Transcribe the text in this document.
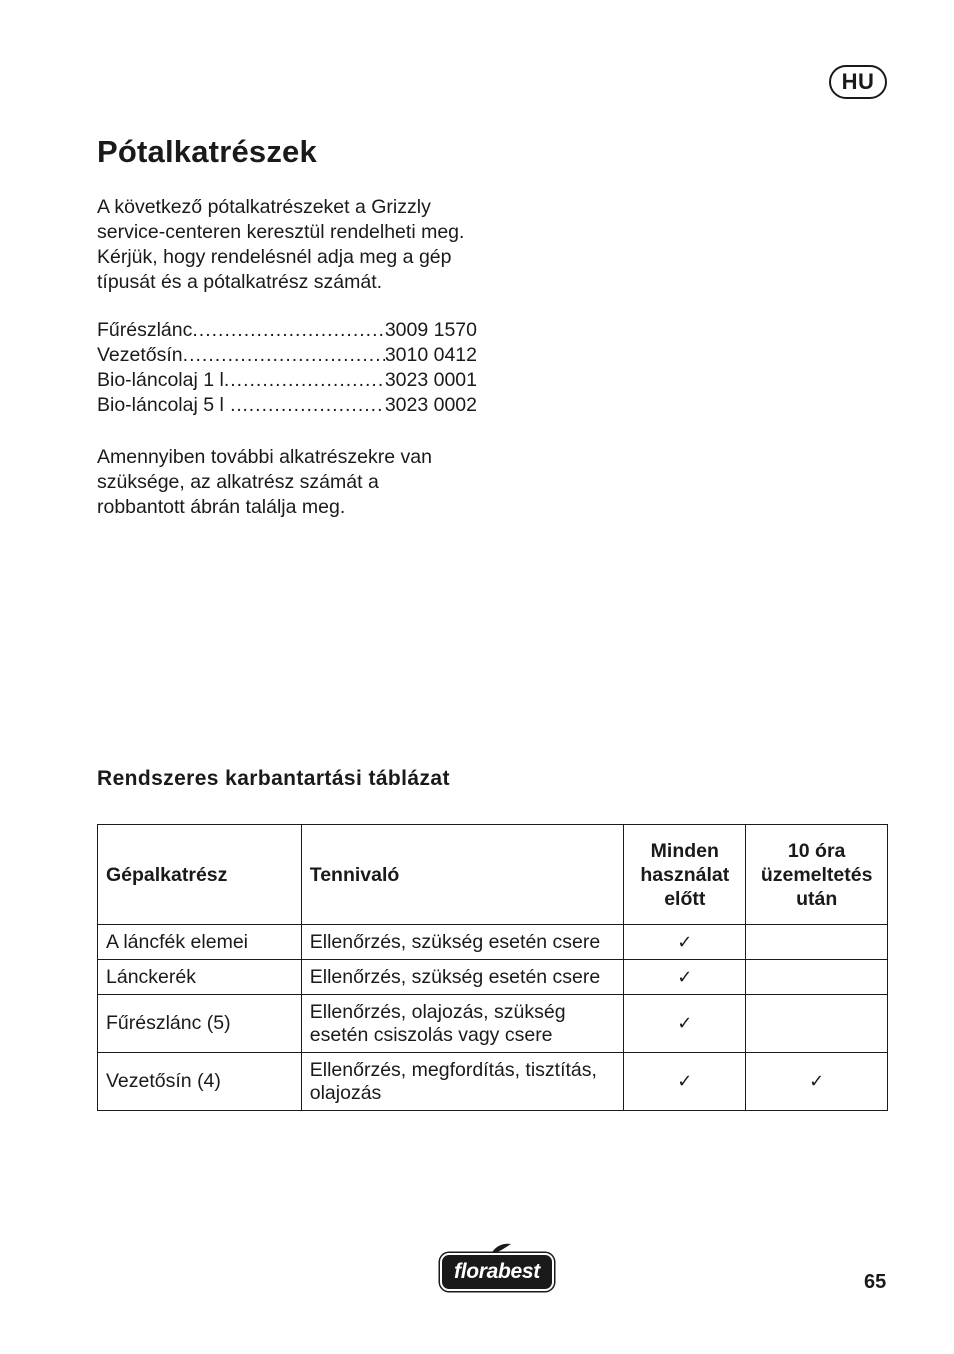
HU
Pótalkatrészek

A következő pótalkatrészeket a Grizzly
service-centeren keresztül rendelheti meg.
Kérjük, hogy rendelésnél adja meg a gép
típusát és a pótalkatrész számát.

Fűrészlánc .....	3009 1570
Vezetősín .....	3010 0412
Bio-láncolaj 1 l .....	3023 0001
Bio-láncolaj 5 l … .....	3023 0002

Amennyiben további alkatrészekre van
szüksége, az alkatrész számát a
robbantott ábrán találja meg.

Rendszeres karbantartási táblázat
Gépalkatrész	Tennivaló	Minden
használat
előtt	10 óra
üzemeltetés
után
A láncfék elemei	Ellenőrzés, szükség esetén csere	✓	
Lánckerék	Ellenőrzés, szükség esetén csere	✓	
Fűrészlánc (5)	Ellenőrzés, olajozás, szükség esetén csiszolás vagy csere	✓	
Vezetősín (4)	Ellenőrzés, megfordítás, tisztítás, olajozás	✓	✓
florabest	65
